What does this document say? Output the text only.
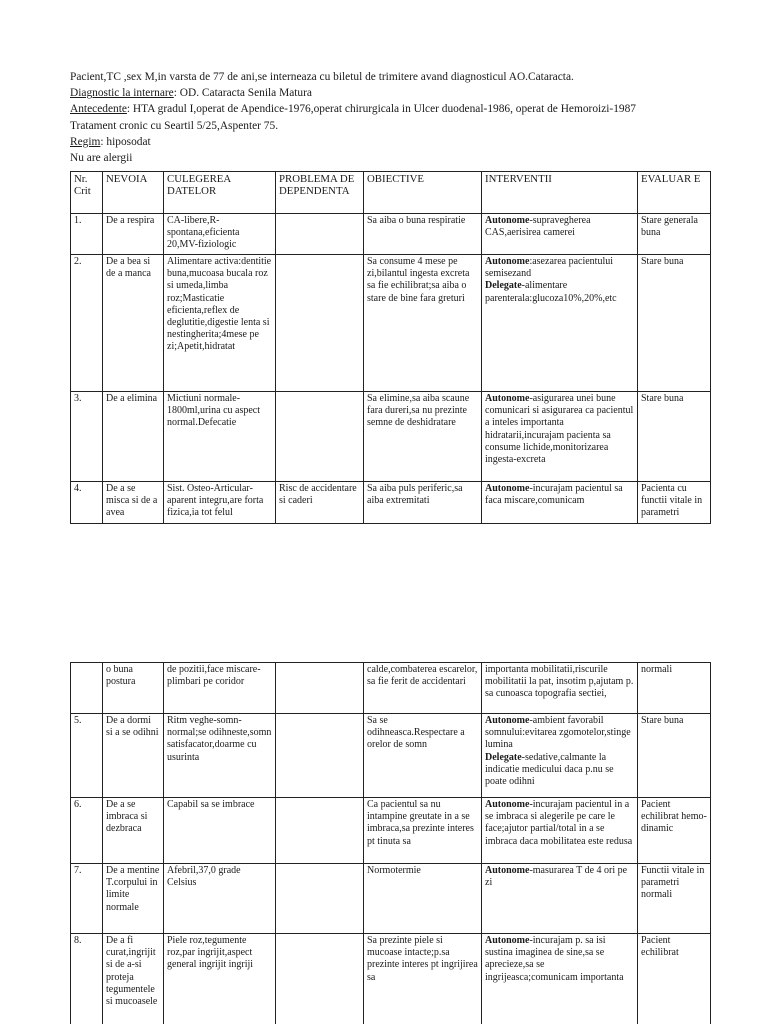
Pacient,TC ,sex M,in varsta de 77 de ani,se interneaza cu biletul de trimitere avand diagnosticul AO.Cataracta.

Diagnostic la internare: OD. Cataracta Senila Matura

Antecedente: HTA gradul I,operat de Apendice-1976,operat chirurgicala in Ulcer duodenal-1986, operat de Hemoroizi-1987

Tratament cronic cu Seartil 5/25,Aspenter 75.

Regim: hiposodat

Nu are alergii

Nr. Crit	NEVOIA	CULEGEREA DATELOR	PROBLEMA DE DEPENDENTA	OBIECTIVE	INTERVENTII	EVALUAR E
1.	De a respira	CA-libere,R-spontana,eficienta 20,MV-fiziologic		Sa aiba o buna respiratie	Autonome-supravegherea CAS,aerisirea camerei	Stare generala buna
2.	De a bea si de a manca	Alimentare activa:dentitie buna,mucoasa bucala roz si umeda,limba roz;Masticatie eficienta,reflex de deglutitie,digestie lenta si nestingherita;4mese pe zi;Apetit,hidratat		Sa consume 4 mese pe zi,bilantul ingesta excreta sa fie echilibrat;sa aiba o stare de bine fara greturi	Autonome:asezarea pacientului semisezand
Delegate-alimentare parenterala:glucoza10%,20%,etc	Stare buna
3.	De a elimina	Mictiuni normale-1800ml,urina cu aspect normal.Defecatie		Sa elimine,sa aiba scaune fara dureri,sa nu prezinte semne de deshidratare	Autonome-asigurarea unei bune comunicari si asigurarea ca pacientul a inteles importanta hidratarii,incurajam pacienta sa consume lichide,monitorizarea ingesta-excreta	Stare buna
4.	De a se misca si de a avea	Sist. Osteo-Articular-aparent integru,are forta fizica,ia tot felul	Risc de accidentare si caderi	Sa aiba puls periferic,sa aiba extremitati	Autonome-incurajam pacientul sa faca miscare,comunicam	Pacienta cu functii vitale in parametri
	o buna postura	de pozitii,face miscare-plimbari pe coridor		calde,combaterea escarelor, sa fie ferit de accidentari	importanta mobilitatii,riscurile mobilitatii la pat, insotim p,ajutam p. sa cunoasca topografia sectiei,	normali
5.	De a dormi si a se odihni	Ritm veghe-somn-normal;se odihneste,somn satisfacator,doarme cu usurinta		Sa se odihneasca.Respectare a orelor de somn	Autonome-ambient favorabil somnului:evitarea zgomotelor,stinge lumina
Delegate-sedative,calmante la indicatie medicului daca p.nu se poate odihni	Stare buna
6.	De a se imbraca si dezbraca	Capabil sa se imbrace		Ca pacientul sa nu intampine greutate in a se imbraca,sa prezinte interes pt tinuta sa	Autonome-incurajam pacientul in a se imbraca si alegerile pe care le face;ajutor partial/total in a se imbraca daca mobilitatea este redusa	Pacient echilibrat hemo-dinamic
7.	De a mentine T.corpului in limite normale	Afebril,37,0 grade Celsius		Normotermie	Autonome-masurarea T de 4 ori pe zi	Functii vitale in parametri normali
8.	De a fi curat,ingrijit si de a-si proteja tegumentele si mucoasele	Piele roz,tegumente roz,par ingrijit,aspect general ingrijit ingriji		Sa prezinte piele si mucoase intacte;p.sa prezinte interes pt ingrijirea sa	Autonome-incurajam p. sa isi sustina imaginea de sine,sa se aprecieze,sa se ingrijeasca;comunicam importanta	Pacient echilibrat
